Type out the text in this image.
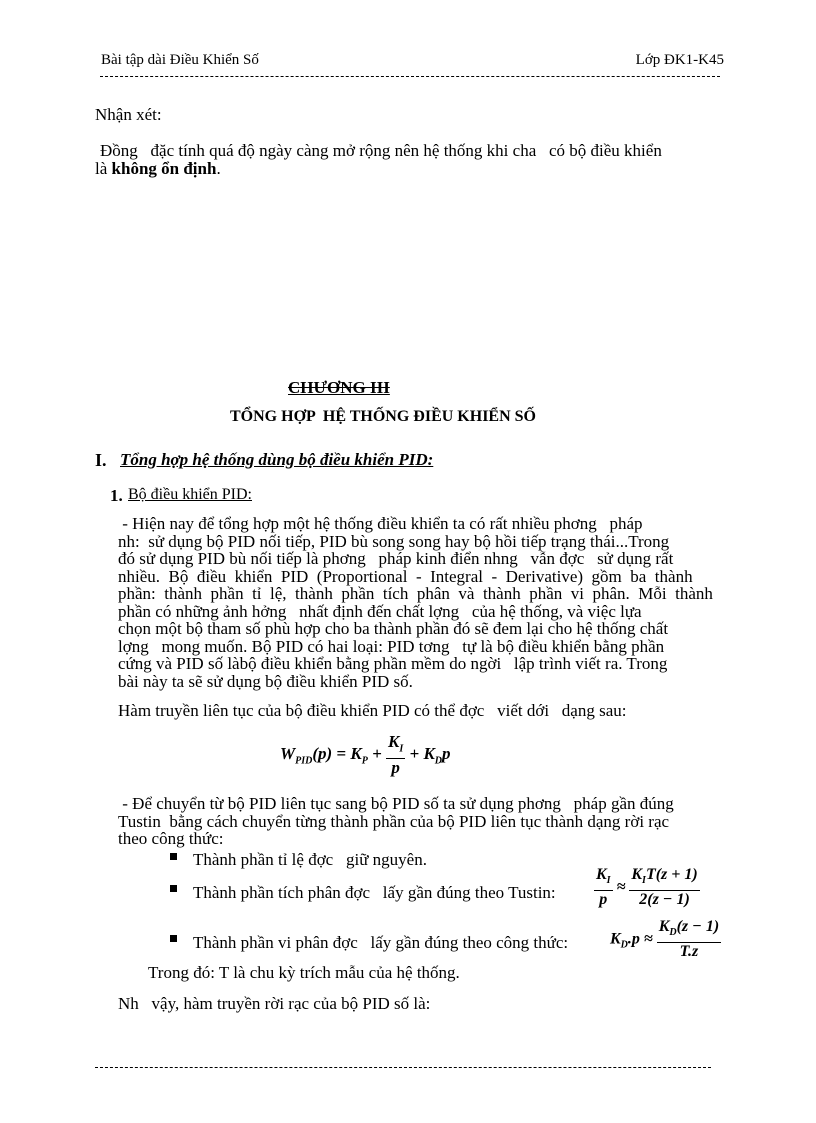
Bài tập dài Điều Khiển Số	Lớp ĐK1-K45
Nhận xét:
Đồng   đặc tính quá độ ngày càng mở rộng nên hệ thống khi cha   có bộ điều khiển
là không ổn định.
CHƯƠNG III
TỔNG HỢP  HỆ THỐNG ĐIỀU KHIỂN SỐ
I. Tổng hợp hệ thống dùng bộ điều khiển PID:
1. Bộ điều khiển PID:
- Hiện nay để tổng hợp một hệ thống điều khiển ta có rất nhiều phơng   pháp
nh:  sử dụng bộ PID nối tiếp, PID bù song song hay bộ hồi tiếp trạng thái...Trong
đó sử dụng PID bù nối tiếp là phơng   pháp kinh điển nhng   vẫn đợc   sử dụng rất
nhiều.  Bộ  điều  khiển  PID  (Proportional  -  Integral  -  Derivative)  gồm  ba  thành
phần:  thành  phần  tỉ  lệ,  thành  phần  tích  phân  và  thành  phần  vi  phân.  Mỗi  thành
phần có những ảnh hởng   nhất định đến chất lợng   của hệ thống, và việc lựa
chọn một bộ tham số phù hợp cho ba thành phần đó sẽ đem lại cho hệ thống chất
lợng   mong muốn. Bộ PID có hai loại: PID tơng   tự là bộ điều khiển bằng phần
cứng và PID số làbộ điều khiển bằng phần mềm do ngời   lập trình viết ra. Trong
bài này ta sẽ sử dụng bộ điều khiển PID số.
Hàm truyền liên tục của bộ điều khiển PID có thể đợc   viết dới   dạng sau:
$W_{PID}(p) = K_P + \frac{K_I}{p} + K_Dp$
- Để chuyển từ bộ PID liên tục sang bộ PID số ta sử dụng phơng   pháp gần đúng
Tustin  bằng cách chuyển từng thành phần của bộ PID liên tục thành dạng rời rạc
theo công thức:
Thành phần tỉ lệ đợc   giữ nguyên.
Thành phần tích phân đợc   lấy gần đúng theo Tustin: $\frac{K_I}{p} \approx \frac{K_IT(z + 1)}{2(z - 1)}$
Thành phần vi phân đợc   lấy gần đúng theo công thức:	$K_D.p \approx \frac{K_D(z - 1)}{T.z}$
Trong đó: T là chu kỳ trích mẫu của hệ thống.
Nh   vậy, hàm truyền rời rạc của bộ PID số là:
